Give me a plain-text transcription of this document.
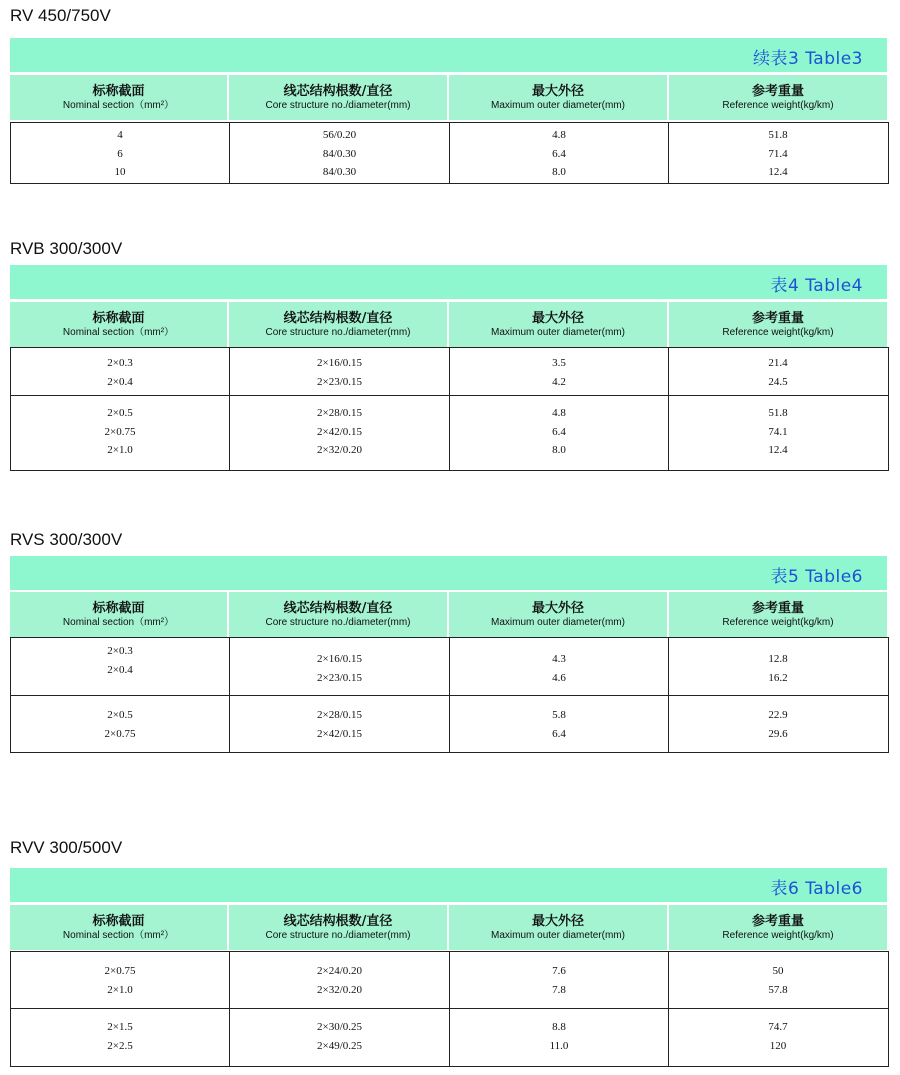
RV 450/750V
续表3 Table3
标称截面
Nominal section（mm²）
线芯结构根数/直径
Core structure no./diameter(mm)
最大外径
Maximum outer diameter(mm)
参考重量
Reference weight(kg/km)
4
6
10
56/0.20
84/0.30
84/0.30
4.8
6.4
8.0
51.8
71.4
12.4
RVB 300/300V
表4 Table4
标称截面
Nominal section（mm²）
线芯结构根数/直径
Core structure no./diameter(mm)
最大外径
Maximum outer diameter(mm)
参考重量
Reference weight(kg/km)
2×0.3
2×0.4
2×16/0.15
2×23/0.15
3.5
4.2
21.4
24.5
2×0.5
2×0.75
2×1.0
2×28/0.15
2×42/0.15
2×32/0.20
4.8
6.4
8.0
51.8
74.1
12.4
RVS 300/300V
表5 Table6
标称截面
Nominal section（mm²）
线芯结构根数/直径
Core structure no./diameter(mm)
最大外径
Maximum outer diameter(mm)
参考重量
Reference weight(kg/km)
2×0.3
2×0.4
2×16/0.15
2×23/0.15
4.3
4.6
12.8
16.2
2×0.5
2×0.75
2×28/0.15
2×42/0.15
5.8
6.4
22.9
29.6
RVV 300/500V
表6 Table6
标称截面
Nominal section（mm²）
线芯结构根数/直径
Core structure no./diameter(mm)
最大外径
Maximum outer diameter(mm)
参考重量
Reference weight(kg/km)
2×0.75
2×1.0
2×24/0.20
2×32/0.20
7.6
7.8
50
57.8
2×1.5
2×2.5
2×30/0.25
2×49/0.25
8.8
11.0
74.7
120
